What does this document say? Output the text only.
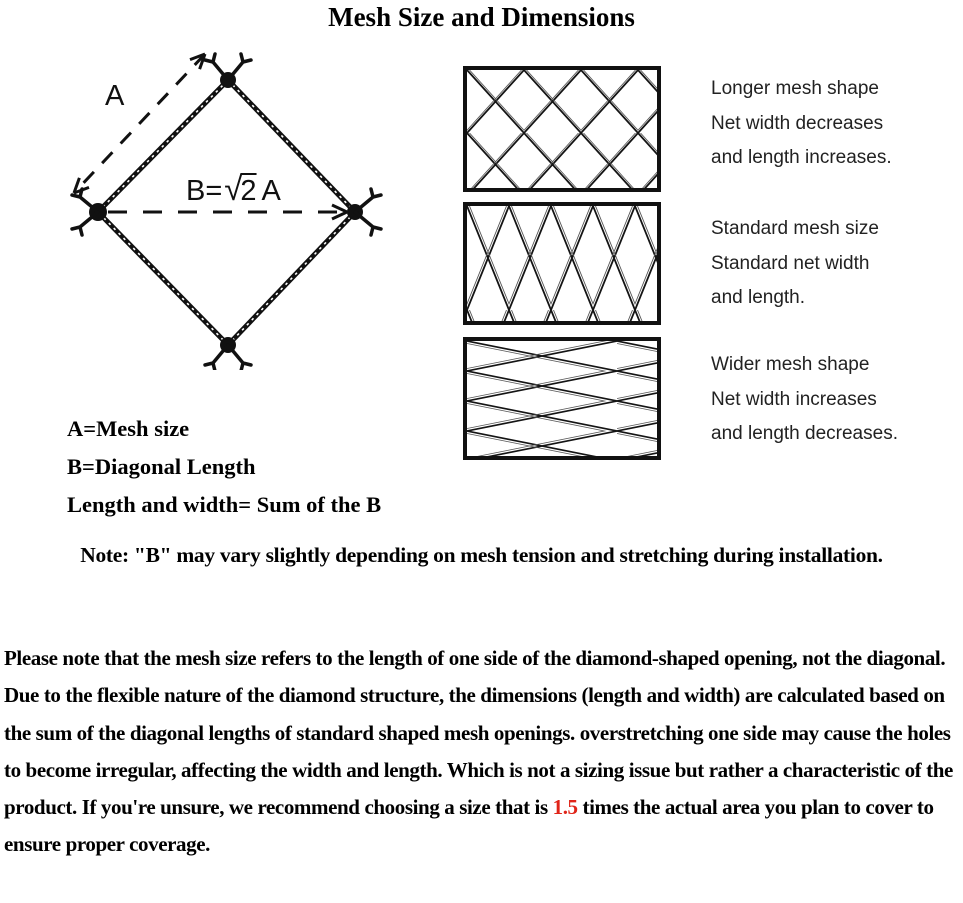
Mesh Size and Dimensions
A
B=√2 A
Longer mesh shape
Net width decreases
and length increases.
Standard mesh size
Standard net width
and length.
Wider mesh shape
Net width increases
and length decreases.
A=Mesh size
B=Diagonal Length
Length and width= Sum of the B
Note: "B" may vary slightly depending on mesh tension and stretching during installation.

Please note that the mesh size refers to the length of one side of the diamond-shaped opening, not the diagonal. Due to the flexible nature of the diamond structure, the dimensions (length and width) are calculated based on the sum of the diagonal lengths of standard shaped mesh openings. overstretching one side may cause the holes to become irregular, affecting the width and length. Which is not a sizing issue but rather a characteristic of the product. If you're unsure, we recommend choosing a size that is 1.5 times the actual area you plan to cover to ensure proper coverage.
